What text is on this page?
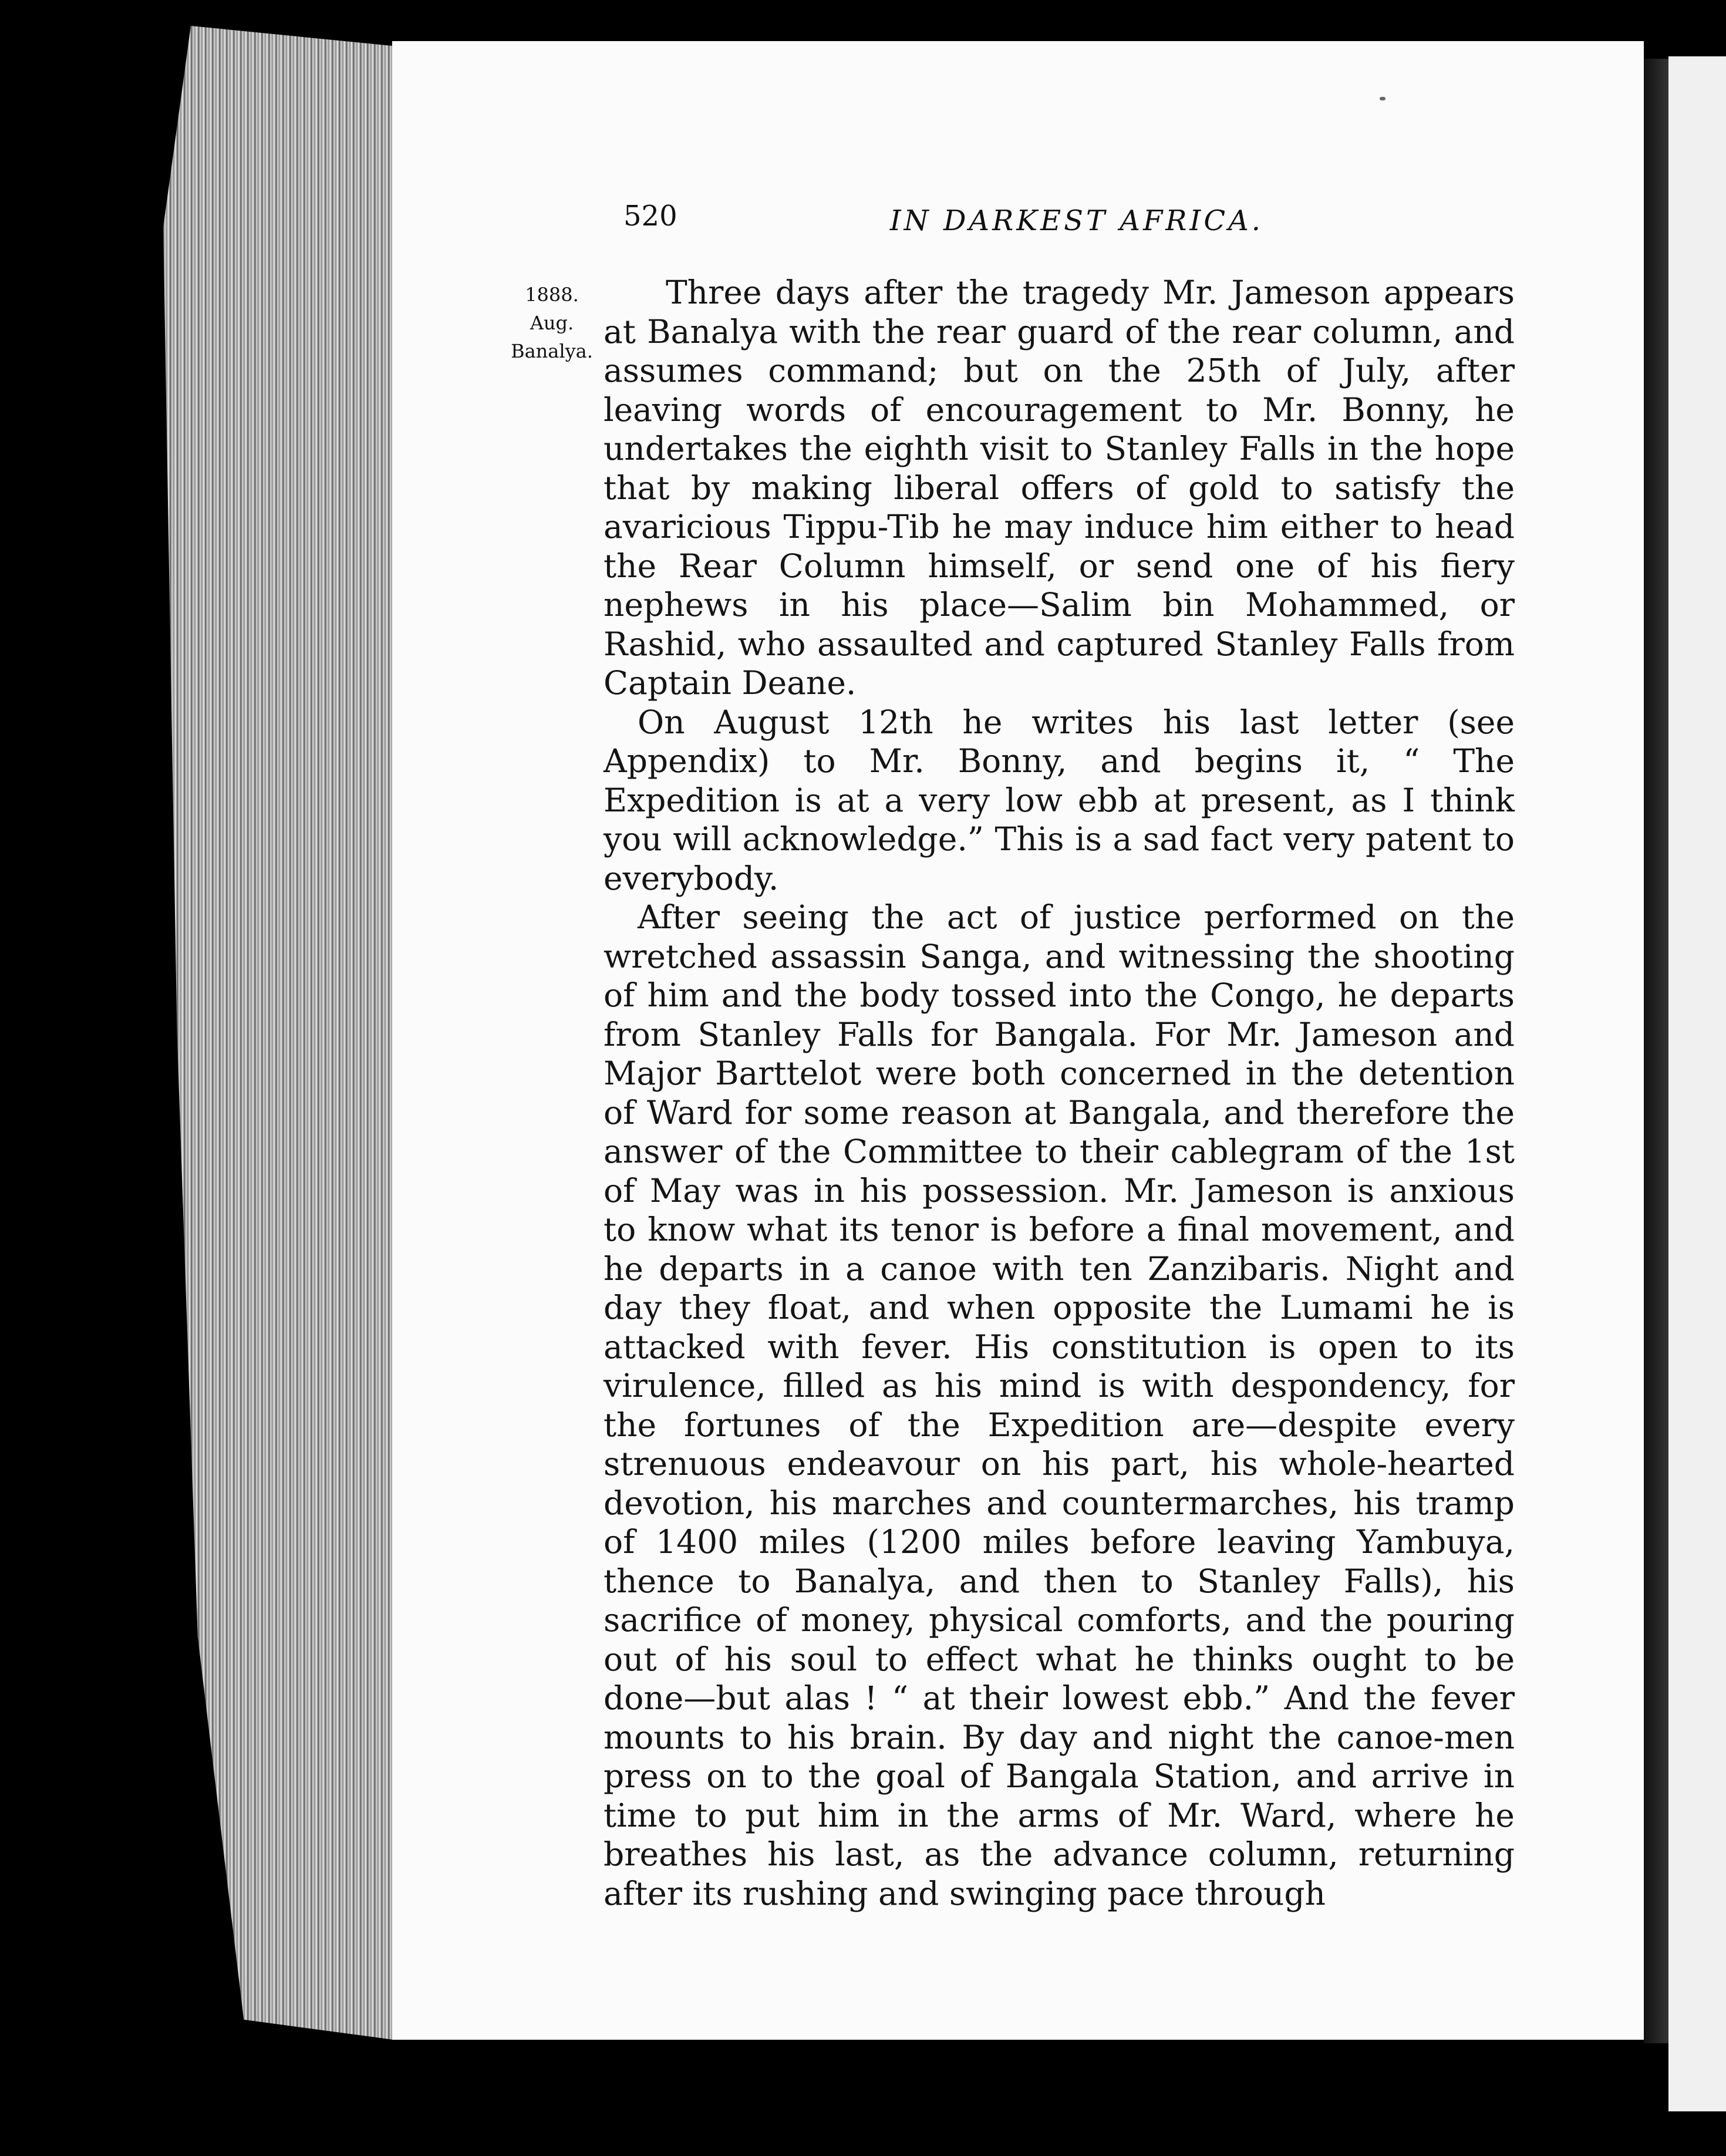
520	IN DARKEST AFRICA.
1888.
Aug.
Banalya.

Three days after the tragedy Mr. Jameson appears at Banalya with the rear guard of the rear column, and assumes command; but on the 25th of July, after leaving words of encouragement to Mr. Bonny, he undertakes the eighth visit to Stanley Falls in the hope that by making liberal offers of gold to satisfy the avaricious Tippu-Tib he may induce him either to head the Rear Column himself, or send one of his fiery nephews in his place—Salim bin Mohammed, or Rashid, who assaulted and captured Stanley Falls from Captain Deane.

On August 12th he writes his last letter (see Appendix) to Mr. Bonny, and begins it, “ The Expedition is at a very low ebb at present, as I think you will acknowledge.” This is a sad fact very patent to everybody.

After seeing the act of justice performed on the wretched assassin Sanga, and witnessing the shooting of him and the body tossed into the Congo, he departs from Stanley Falls for Bangala. For Mr. Jameson and Major Barttelot were both concerned in the detention of Ward for some reason at Bangala, and therefore the answer of the Committee to their cablegram of the 1st of May was in his possession. Mr. Jameson is anxious to know what its tenor is before a final movement, and he departs in a canoe with ten Zanzibaris. Night and day they float, and when opposite the Lumami he is attacked with fever. His constitution is open to its virulence, filled as his mind is with despondency, for the fortunes of the Expedition are—despite every strenuous endeavour on his part, his whole-hearted devotion, his marches and countermarches, his tramp of 1400 miles (1200 miles before leaving Yambuya, thence to Banalya, and then to Stanley Falls), his sacrifice of money, physical comforts, and the pouring out of his soul to effect what he thinks ought to be done—but alas ! “ at their lowest ebb.” And the fever mounts to his brain. By day and night the canoe-men press on to the goal of Bangala Station, and arrive in time to put him in the arms of Mr. Ward, where he breathes his last, as the advance column, returning after its rushing and swinging pace through
